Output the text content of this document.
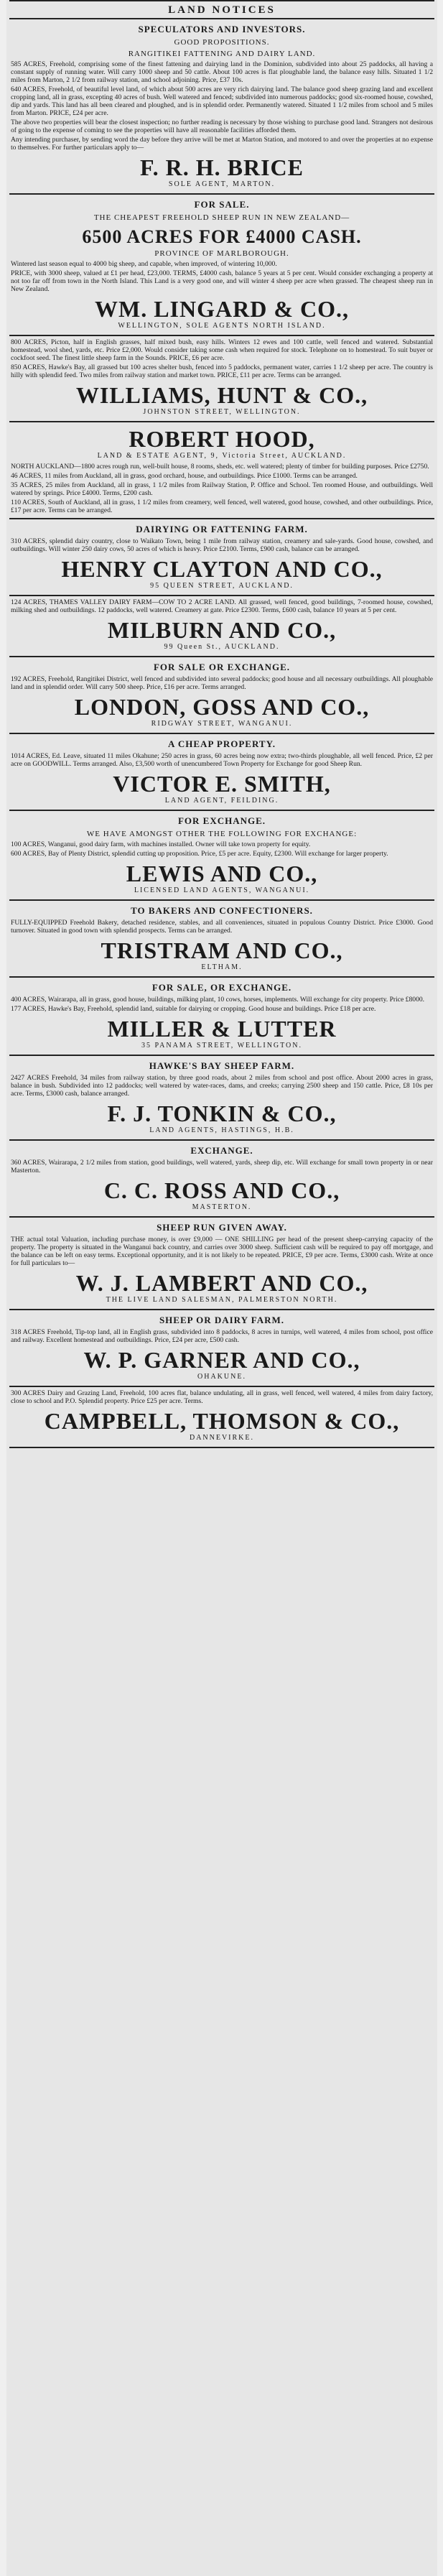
LAND NOTICES
SPECULATORS AND INVESTORS.
GOOD PROPOSITIONS.
RANGITIKEI FATTENING AND DAIRY LAND.
585 ACRES, Freehold, comprising some of the finest fattening and dairying land in the Dominion, subdivided into about 25 paddocks, all having a constant supply of running water. Will carry 1000 sheep and 50 cattle. About 100 acres is flat ploughable land, the balance easy hills. Situated 1 1/2 miles from Marton, 2 1/2 from railway station, and school adjoining. Price, £37 10s.
640 ACRES, Freehold, of beautiful level land, of which about 500 acres are very rich dairying land. The balance good sheep grazing land and excellent cropping land, all in grass, excepting 40 acres of bush. Well watered and fenced; subdivided into numerous paddocks; good six-roomed house, cowshed, dip and yards. This land has all been cleared and ploughed, and is in splendid order. Permanently watered. Situated 1 1/2 miles from school and 5 miles from Marton. PRICE, £24 per acre.
The above two properties will bear the closest inspection; no further reading is necessary by those wishing to purchase good land. Strangers not desirous of going to the expense of coming to see the properties will have all reasonable facilities afforded them.
Any intending purchaser, by sending word the day before they arrive will be met at Marton Station, and motored to and over the properties at no expense to themselves. For further particulars apply to—
F. R. H. BRICE
SOLE AGENT, MARTON.
FOR SALE.
THE CHEAPEST FREEHOLD SHEEP RUN IN NEW ZEALAND—
6500 ACRES FOR £4000 CASH.
PROVINCE OF MARLBOROUGH.
Wintered last season equal to 4000 big sheep, and capable, when improved, of wintering 10,000.
PRICE, with 3000 sheep, valued at £1 per head, £23,000. TERMS, £4000 cash, balance 5 years at 5 per cent. Would consider exchanging a property at not too far off from town in the North Island. This Land is a very good one, and will winter 4 sheep per acre when grassed. The cheapest sheep run in New Zealand.
WM. LINGARD & CO.,
WELLINGTON, SOLE AGENTS NORTH ISLAND.
800 ACRES, Picton, half in English grasses, half mixed bush, easy hills. Winters 12 ewes and 100 cattle, well fenced and watered. Substantial homestead, wool shed, yards, etc. Price £2,000. Would consider taking some cash when required for stock. Telephone on to homestead. To suit buyer or cockfoot seed. The finest little sheep farm in the Sounds. PRICE, £6 per acre.
850 ACRES, Hawke's Bay, all grassed but 100 acres shelter bush, fenced into 5 paddocks, permanent water, carries 1 1/2 sheep per acre. The country is hilly with splendid feed. Two miles from railway station and market town. PRICE, £11 per acre. Terms can be arranged.
WILLIAMS, HUNT & CO.,
JOHNSTON STREET, WELLINGTON.
ROBERT HOOD,
LAND & ESTATE AGENT, 9, Victoria Street, AUCKLAND.
NORTH AUCKLAND—1800 acres rough run, well-built house, 8 rooms, sheds, etc. well watered; plenty of timber for building purposes. Price £2750.
46 ACRES, 11 miles from Auckland, all in grass, good orchard, house, and outbuildings. Price £1000. Terms can be arranged.
35 ACRES, 25 miles from Auckland, all in grass, 1 1/2 miles from Railway Station, P. Office and School. Ten roomed House, and outbuildings. Well watered by springs. Price £4000. Terms, £200 cash.
110 ACRES, South of Auckland, all in grass, 1 1/2 miles from creamery, well fenced, well watered, good house, cowshed, and other outbuildings. Price, £17 per acre. Terms can be arranged.
DAIRYING OR FATTENING FARM.
310 ACRES, splendid dairy country, close to Waikato Town, being 1 mile from railway station, creamery and sale-yards. Good house, cowshed, and outbuildings. Will winter 250 dairy cows, 50 acres of which is heavy. Price £2100. Terms, £900 cash, balance can be arranged.
HENRY CLAYTON AND CO.,
95 QUEEN STREET, AUCKLAND.
124 ACRES, THAMES VALLEY DAIRY FARM—COW TO 2 ACRE LAND. All grassed, well fenced, good buildings, 7-roomed house, cowshed, milking shed and outbuildings. 12 paddocks, well watered. Creamery at gate. Price £2300. Terms, £600 cash, balance 10 years at 5 per cent.
MILBURN AND CO.,
99 Queen St., AUCKLAND.
FOR SALE OR EXCHANGE.
192 ACRES, Freehold, Rangitikei District, well fenced and subdivided into several paddocks; good house and all necessary outbuildings. All ploughable land and in splendid order. Will carry 500 sheep. Price, £16 per acre. Terms arranged.
LONDON, GOSS AND CO.,
RIDGWAY STREET, WANGANUI.
A CHEAP PROPERTY.
1014 ACRES, Ed. Leave, situated 11 miles Okahune; 250 acres in grass, 60 acres being now extra; two-thirds ploughable, all well fenced. Price, £2 per acre on GOODWILL. Terms arranged. Also, £3,500 worth of unencumbered Town Property for Exchange for good Sheep Run.
VICTOR E. SMITH,
LAND AGENT, FEILDING.
FOR EXCHANGE.
WE HAVE AMONGST OTHER THE FOLLOWING FOR EXCHANGE:
100 ACRES, Wanganui, good dairy farm, with machines installed. Owner will take town property for equity.
600 ACRES, Bay of Plenty District, splendid cutting up proposition. Price, £5 per acre. Equity, £2300. Will exchange for larger property.
LEWIS AND CO.,
LICENSED LAND AGENTS, WANGANUI.
TO BAKERS AND CONFECTIONERS.
FULLY-EQUIPPED Freehold Bakery, detached residence, stables, and all conveniences, situated in populous Country District. Price £3000. Good turnover. Situated in good town with splendid prospects. Terms can be arranged.
TRISTRAM AND CO.,
ELTHAM.
FOR SALE, OR EXCHANGE.
400 ACRES, Wairarapa, all in grass, good house, buildings, milking plant, 10 cows, horses, implements. Will exchange for city property. Price £8000.
177 ACRES, Hawke's Bay, Freehold, splendid land, suitable for dairying or cropping. Good house and buildings. Price £18 per acre.
MILLER & LUTTER
35 PANAMA STREET, WELLINGTON.
HAWKE'S BAY SHEEP FARM.
2427 ACRES Freehold, 34 miles from railway station, by three good roads, about 2 miles from school and post office. About 2000 acres in grass, balance in bush. Subdivided into 12 paddocks; well watered by water-races, dams, and creeks; carrying 2500 sheep and 150 cattle. Price, £8 10s per acre. Terms, £3000 cash, balance arranged.
F. J. TONKIN & CO.,
LAND AGENTS, HASTINGS, H.B.
EXCHANGE.
360 ACRES, Wairarapa, 2 1/2 miles from station, good buildings, well watered, yards, sheep dip, etc. Will exchange for small town property in or near Masterton.
C. C. ROSS AND CO.,
MASTERTON.
SHEEP RUN GIVEN AWAY.
THE actual total Valuation, including purchase money, is over £9,000 — ONE SHILLING per head of the present sheep-carrying capacity of the property. The property is situated in the Wanganui back country, and carries over 3000 sheep. Sufficient cash will be required to pay off mortgage, and the balance can be left on easy terms. Exceptional opportunity, and it is not likely to be repeated. PRICE, £9 per acre. Terms, £3000 cash. Write at once for full particulars to—
W. J. LAMBERT AND CO.,
THE LIVE LAND SALESMAN, PALMERSTON NORTH.
SHEEP OR DAIRY FARM.
318 ACRES Freehold, Tip-top land, all in English grass, subdivided into 8 paddocks, 8 acres in turnips, well watered, 4 miles from school, post office and railway. Excellent homestead and outbuildings. Price, £24 per acre, £500 cash.
W. P. GARNER AND CO.,
OHAKUNE.
300 ACRES Dairy and Grazing Land, Freehold, 100 acres flat, balance undulating, all in grass, well fenced, well watered, 4 miles from dairy factory, close to school and P.O. Splendid property. Price £25 per acre. Terms.
CAMPBELL, THOMSON & CO.,
DANNEVIRKE.
